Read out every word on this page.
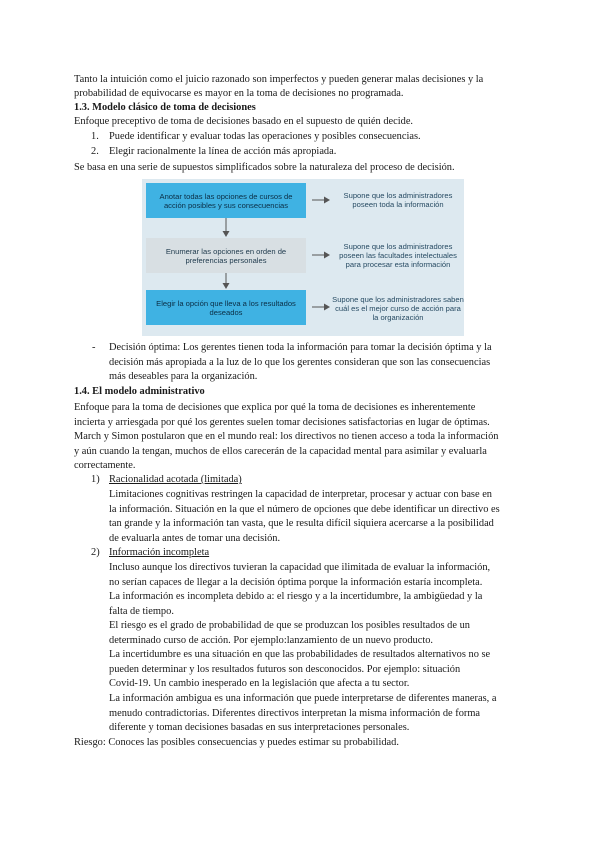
Tanto la intuición como el juicio razonado son imperfectos y pueden generar malas decisiones y la
probabilidad de equivocarse es mayor en la toma de decisiones no programada.
1.3. Modelo clásico de toma de decisiones
Enfoque preceptivo de toma de decisiones basado en el supuesto de quién decide.
1. Puede identificar y evaluar todas las operaciones y posibles consecuencias.
2. Elegir racionalmente la línea de acción más apropiada.
Se basa en una serie de supuestos simplificados sobre la naturaleza del proceso de decisión.
Anotar todas las opciones de cursos de acción posibles y sus consecuencias
Enumerar las opciones en orden de preferencias personales
Elegir la opción que lleva a los resultados deseados
Supone que los administradores poseen toda la información
Supone que los administradores poseen las facultades intelectuales para procesar esta información
Supone que los administradores saben cuál es el mejor curso de acción para la organización
- Decisión óptima: Los gerentes tienen toda la información para tomar la decisión óptima y la
decisión más apropiada a la luz de lo que los gerentes consideran que son las consecuencias
más deseables para la organización.
1.4. El modelo administrativo
Enfoque para la toma de decisiones que explica por qué la toma de decisiones es inherentemente
incierta y arriesgada por qué los gerentes suelen tomar decisiones satisfactorias en lugar de óptimas.
March y Simon postularon que en el mundo real: los directivos no tienen acceso a toda la información
y aún cuando la tengan, muchos de ellos carecerán de la capacidad mental para asimilar y evaluarla
correctamente.
1) Racionalidad acotada (limitada)
Limitaciones cognitivas restringen la capacidad de interpretar, procesar y actuar con base en
la información. Situación en la que el número de opciones que debe identificar un directivo es
tan grande y la información tan vasta, que le resulta difícil siquiera acercarse a la posibilidad
de evaluarla antes de tomar una decisión.
2) Información incompleta
Incluso aunque los directivos tuvieran la capacidad que ilimitada de evaluar la información,
no serían capaces de llegar a la decisión óptima porque la información estaría incompleta.
La información es incompleta debido a: el riesgo y a la incertidumbre, la ambigüedad y la
falta de tiempo.
El riesgo es el grado de probabilidad de que se produzcan los posibles resultados de un
determinado curso de acción. Por ejemplo:lanzamiento de un nuevo producto.
La incertidumbre es una situación en que las probabilidades de resultados alternativos no se
pueden determinar y los resultados futuros son desconocidos. Por ejemplo: situación
Covid-19. Un cambio inesperado en la legislación que afecta a tu sector.
La información ambigua es una información que puede interpretarse de diferentes maneras, a
menudo contradictorias. Diferentes directivos interpretan la misma información de forma
diferente y toman decisiones basadas en sus interpretaciones personales.
Riesgo: Conoces las posibles consecuencias y puedes estimar su probabilidad.
